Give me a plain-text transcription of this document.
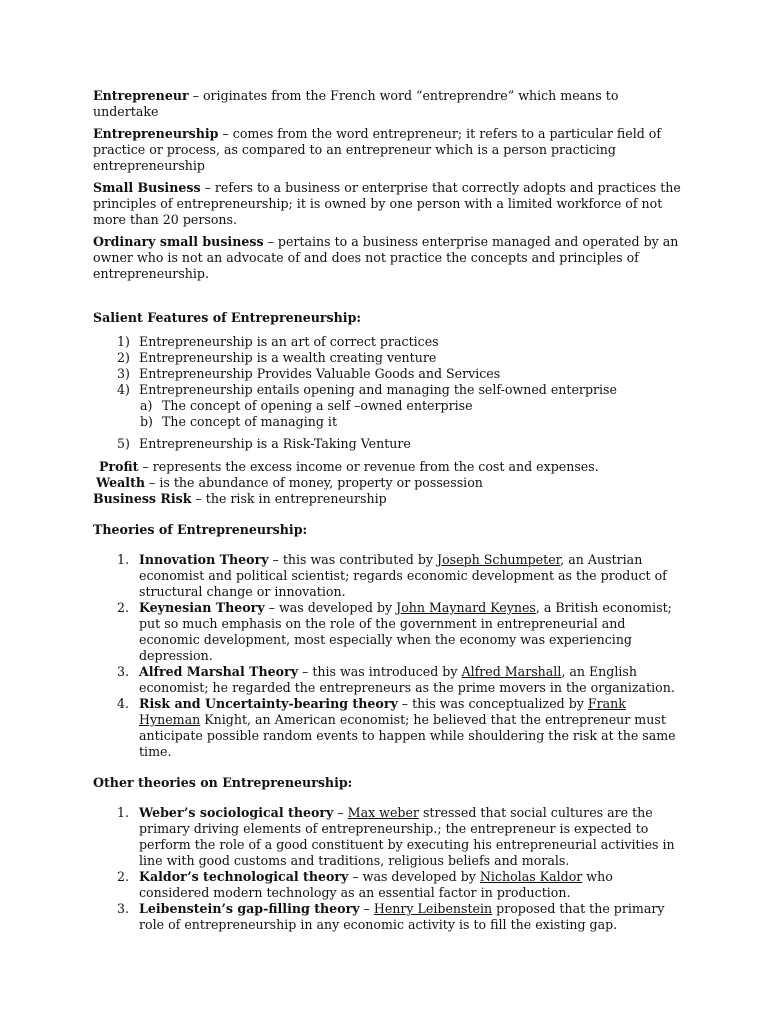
Entrepreneur – originates from the French word “entreprendre” which means to undertake

Entrepreneurship – comes from the word entrepreneur; it refers to a particular field of practice or process, as compared to an entrepreneur which is a person practicing entrepreneurship

Small Business – refers to a business or enterprise that correctly adopts and practices the principles of entrepreneurship; it is owned by one person with a limited workforce of not more than 20 persons.

Ordinary small business – pertains to a business enterprise managed and operated by an owner who is not an advocate of and does not practice the concepts and principles of entrepreneurship.

Salient Features of Entrepreneurship:

1) Entrepreneurship is an art of correct practices
2) Entrepreneurship is a wealth creating venture
3) Entrepreneurship Provides Valuable Goods and Services
4) Entrepreneurship entails opening and managing the self-owned enterprise
a) The concept of opening a self –owned enterprise
b) The concept of managing it
5) Entrepreneurship is a Risk-Taking Venture

Profit – represents the excess income or revenue from the cost and expenses.

Wealth – is the abundance of money, property or possession

Business Risk – the risk in entrepreneurship

Theories of Entrepreneurship:

1. Innovation Theory – this was contributed by Joseph Schumpeter, an Austrian economist and political scientist; regards economic development as the product of structural change or innovation.
2. Keynesian Theory – was developed by John Maynard Keynes, a British economist; put so much emphasis on the role of the government in entrepreneurial and economic development, most especially when the economy was experiencing depression.
3. Alfred Marshal Theory – this was introduced by Alfred Marshall, an English economist; he regarded the entrepreneurs as the prime movers in the organization.
4. Risk and Uncertainty-bearing theory – this was conceptualized by Frank Hyneman Knight, an American economist; he believed that the entrepreneur must anticipate possible random events to happen while shouldering the risk at the same time.

Other theories on Entrepreneurship:

1. Weber’s sociological theory – Max weber stressed that social cultures are the primary driving elements of entrepreneurship.; the entrepreneur is expected to perform the role of a good constituent by executing his entrepreneurial activities in line with good customs and traditions, religious beliefs and morals.
2. Kaldor’s technological theory – was developed by Nicholas Kaldor who considered modern technology as an essential factor in production.
3. Leibenstein’s gap-filling theory – Henry Leibenstein proposed that the primary role of entrepreneurship in any economic activity is to fill the existing gap.
